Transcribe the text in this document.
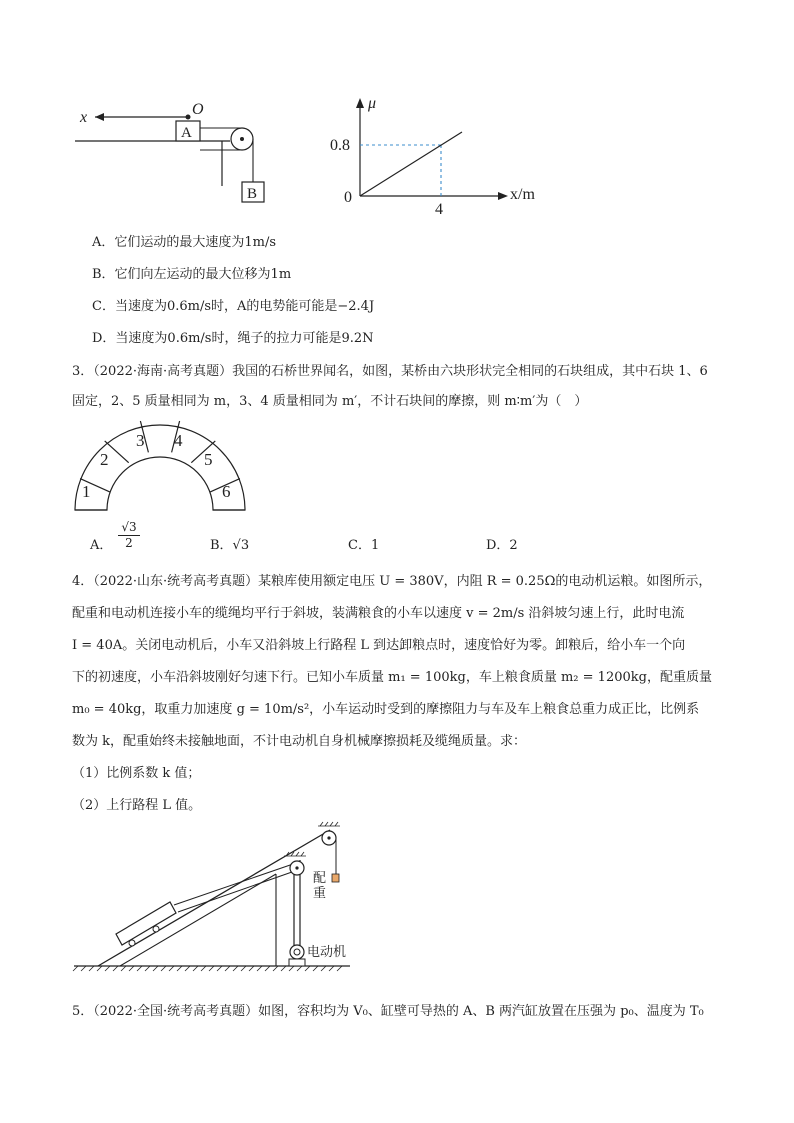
x	O
A
B
μ
x/m
0.8
4
0
A．它们运动的最大速度为1m/s
B．它们向左运动的最大位移为1m
C．当速度为0.6m/s时，A的电势能可能是−2.4J
D．当速度为0.6m/s时，绳子的拉力可能是9.2N
3．（2022·海南·高考真题）我国的石桥世界闻名，如图，某桥由六块形状完全相同的石块组成，其中石块 1、6
固定，2、5 质量相同为 m，3、4 质量相同为 m′，不计石块间的摩擦，则 m∶m′为（　）
1
2
3 4
5
6
A． $\frac{√3}{2}$	B．√3	C．1	D．2
4．（2022·山东·统考高考真题）某粮库使用额定电压 U = 380V，内阻 R = 0.25Ω的电动机运粮。如图所示，
配重和电动机连接小车的缆绳均平行于斜坡，装满粮食的小车以速度 v = 2m/s 沿斜坡匀速上行，此时电流
I = 40A。关闭电动机后，小车又沿斜坡上行路程 L 到达卸粮点时，速度恰好为零。卸粮后，给小车一个向
下的初速度，小车沿斜坡刚好匀速下行。已知小车质量 m₁ = 100kg，车上粮食质量 m₂ = 1200kg，配重质量
m₀ = 40kg，取重力加速度 g = 10m/s²，小车运动时受到的摩擦阻力与车及车上粮食总重力成正比，比例系
数为 k，配重始终未接触地面，不计电动机自身机械摩擦损耗及缆绳质量。求：
（1）比例系数 k 值；
（2）上行路程 L 值。
配
重
电动机
5．（2022·全国·统考高考真题）如图，容积均为 V₀、缸壁可导热的 A、B 两汽缸放置在压强为 p₀、温度为 T₀
